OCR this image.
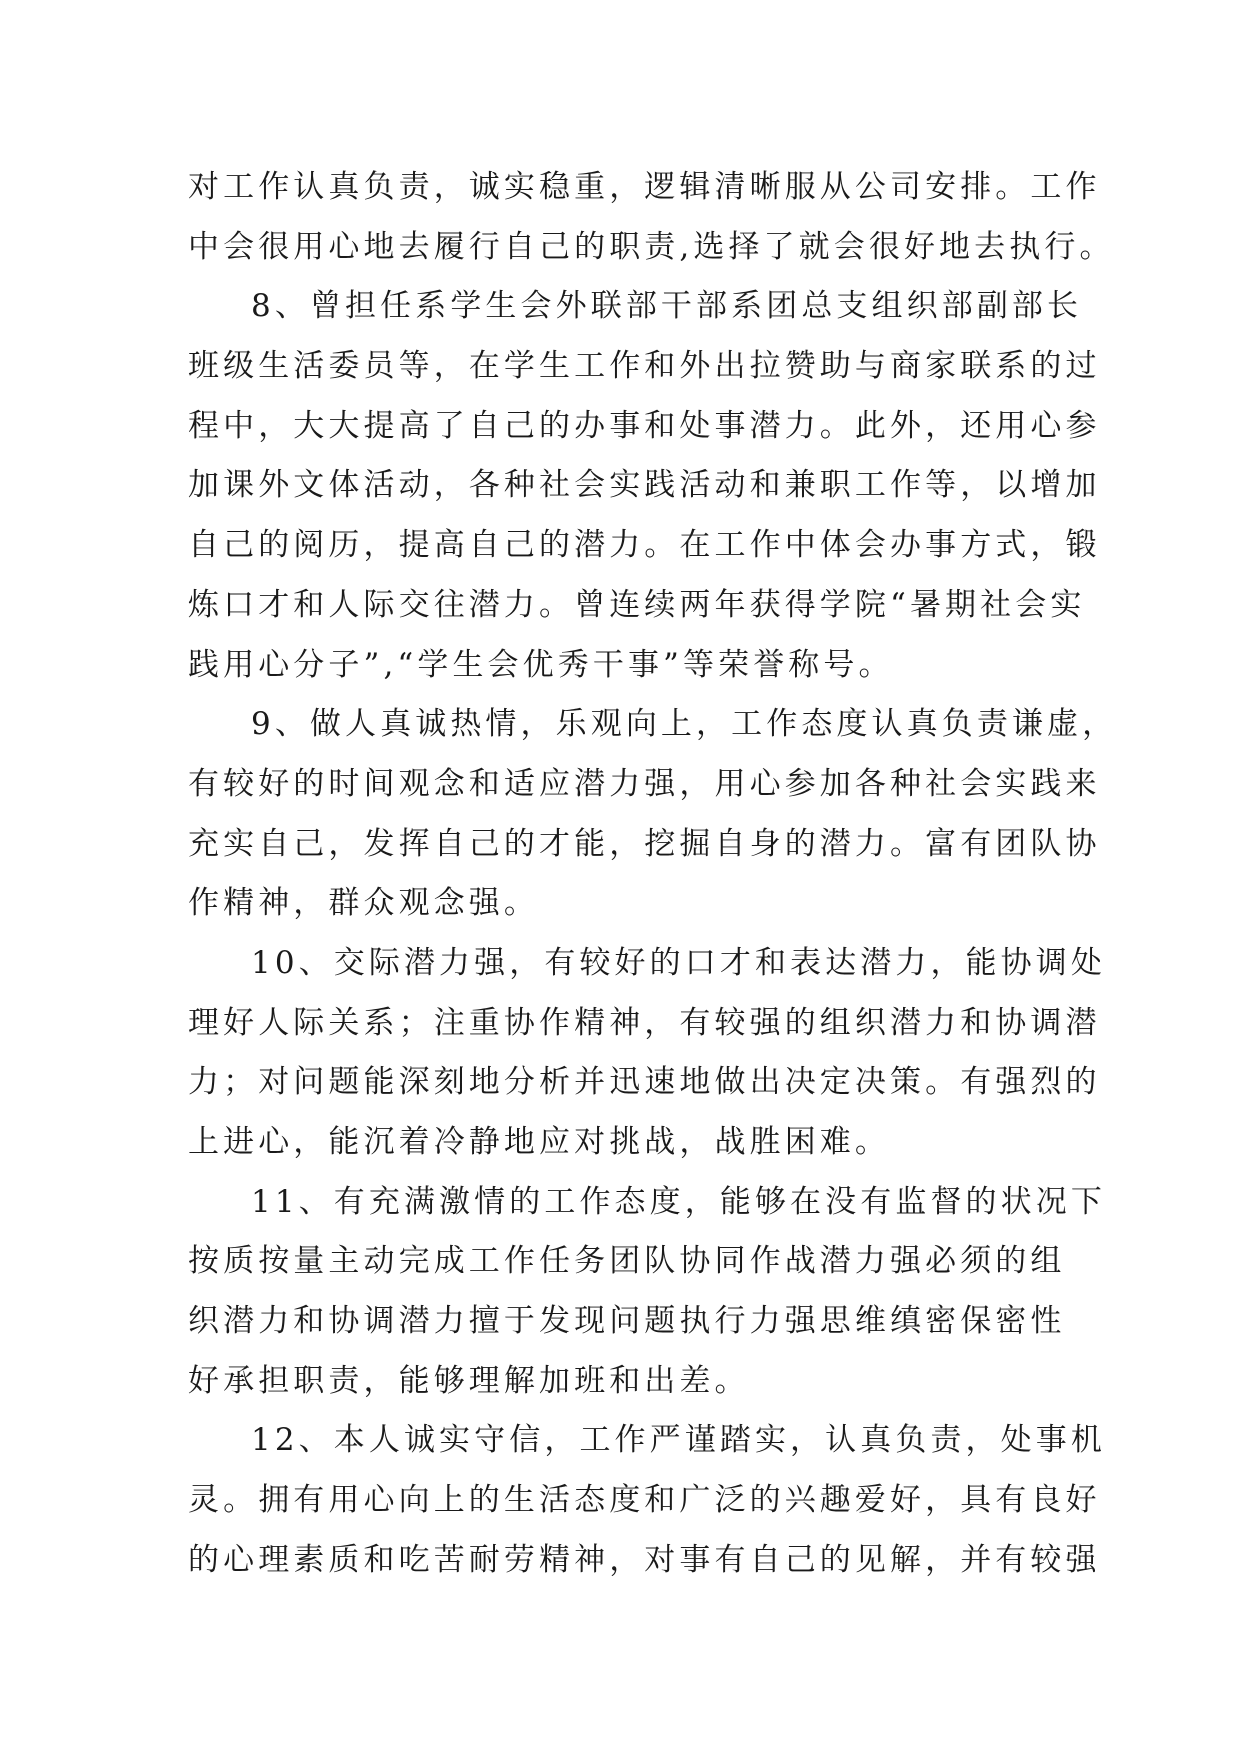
对工作认真负责，诚实稳重，逻辑清晰服从公司安排。工作
中会很用心地去履行自己的职责,选择了就会很好地去执行。
8、曾担任系学生会外联部干部系团总支组织部副部长
班级生活委员等，在学生工作和外出拉赞助与商家联系的过
程中，大大提高了自己的办事和处事潜力。此外，还用心参
加课外文体活动，各种社会实践活动和兼职工作等，以增加
自己的阅历，提高自己的潜力。在工作中体会办事方式，锻
炼口才和人际交往潜力。曾连续两年获得学院“暑期社会实
践用心分子”,“学生会优秀干事”等荣誉称号。
9、做人真诚热情，乐观向上，工作态度认真负责谦虚，
有较好的时间观念和适应潜力强，用心参加各种社会实践来
充实自己，发挥自己的才能，挖掘自身的潜力。富有团队协
作精神，群众观念强。
10、交际潜力强，有较好的口才和表达潜力，能协调处
理好人际关系；注重协作精神，有较强的组织潜力和协调潜
力；对问题能深刻地分析并迅速地做出决定决策。有强烈的
上进心，能沉着冷静地应对挑战，战胜困难。
11、有充满激情的工作态度，能够在没有监督的状况下
按质按量主动完成工作任务团队协同作战潜力强必须的组
织潜力和协调潜力擅于发现问题执行力强思维缜密保密性
好承担职责，能够理解加班和出差。
12、本人诚实守信，工作严谨踏实，认真负责，处事机
灵。拥有用心向上的生活态度和广泛的兴趣爱好，具有良好
的心理素质和吃苦耐劳精神，对事有自己的见解，并有较强
